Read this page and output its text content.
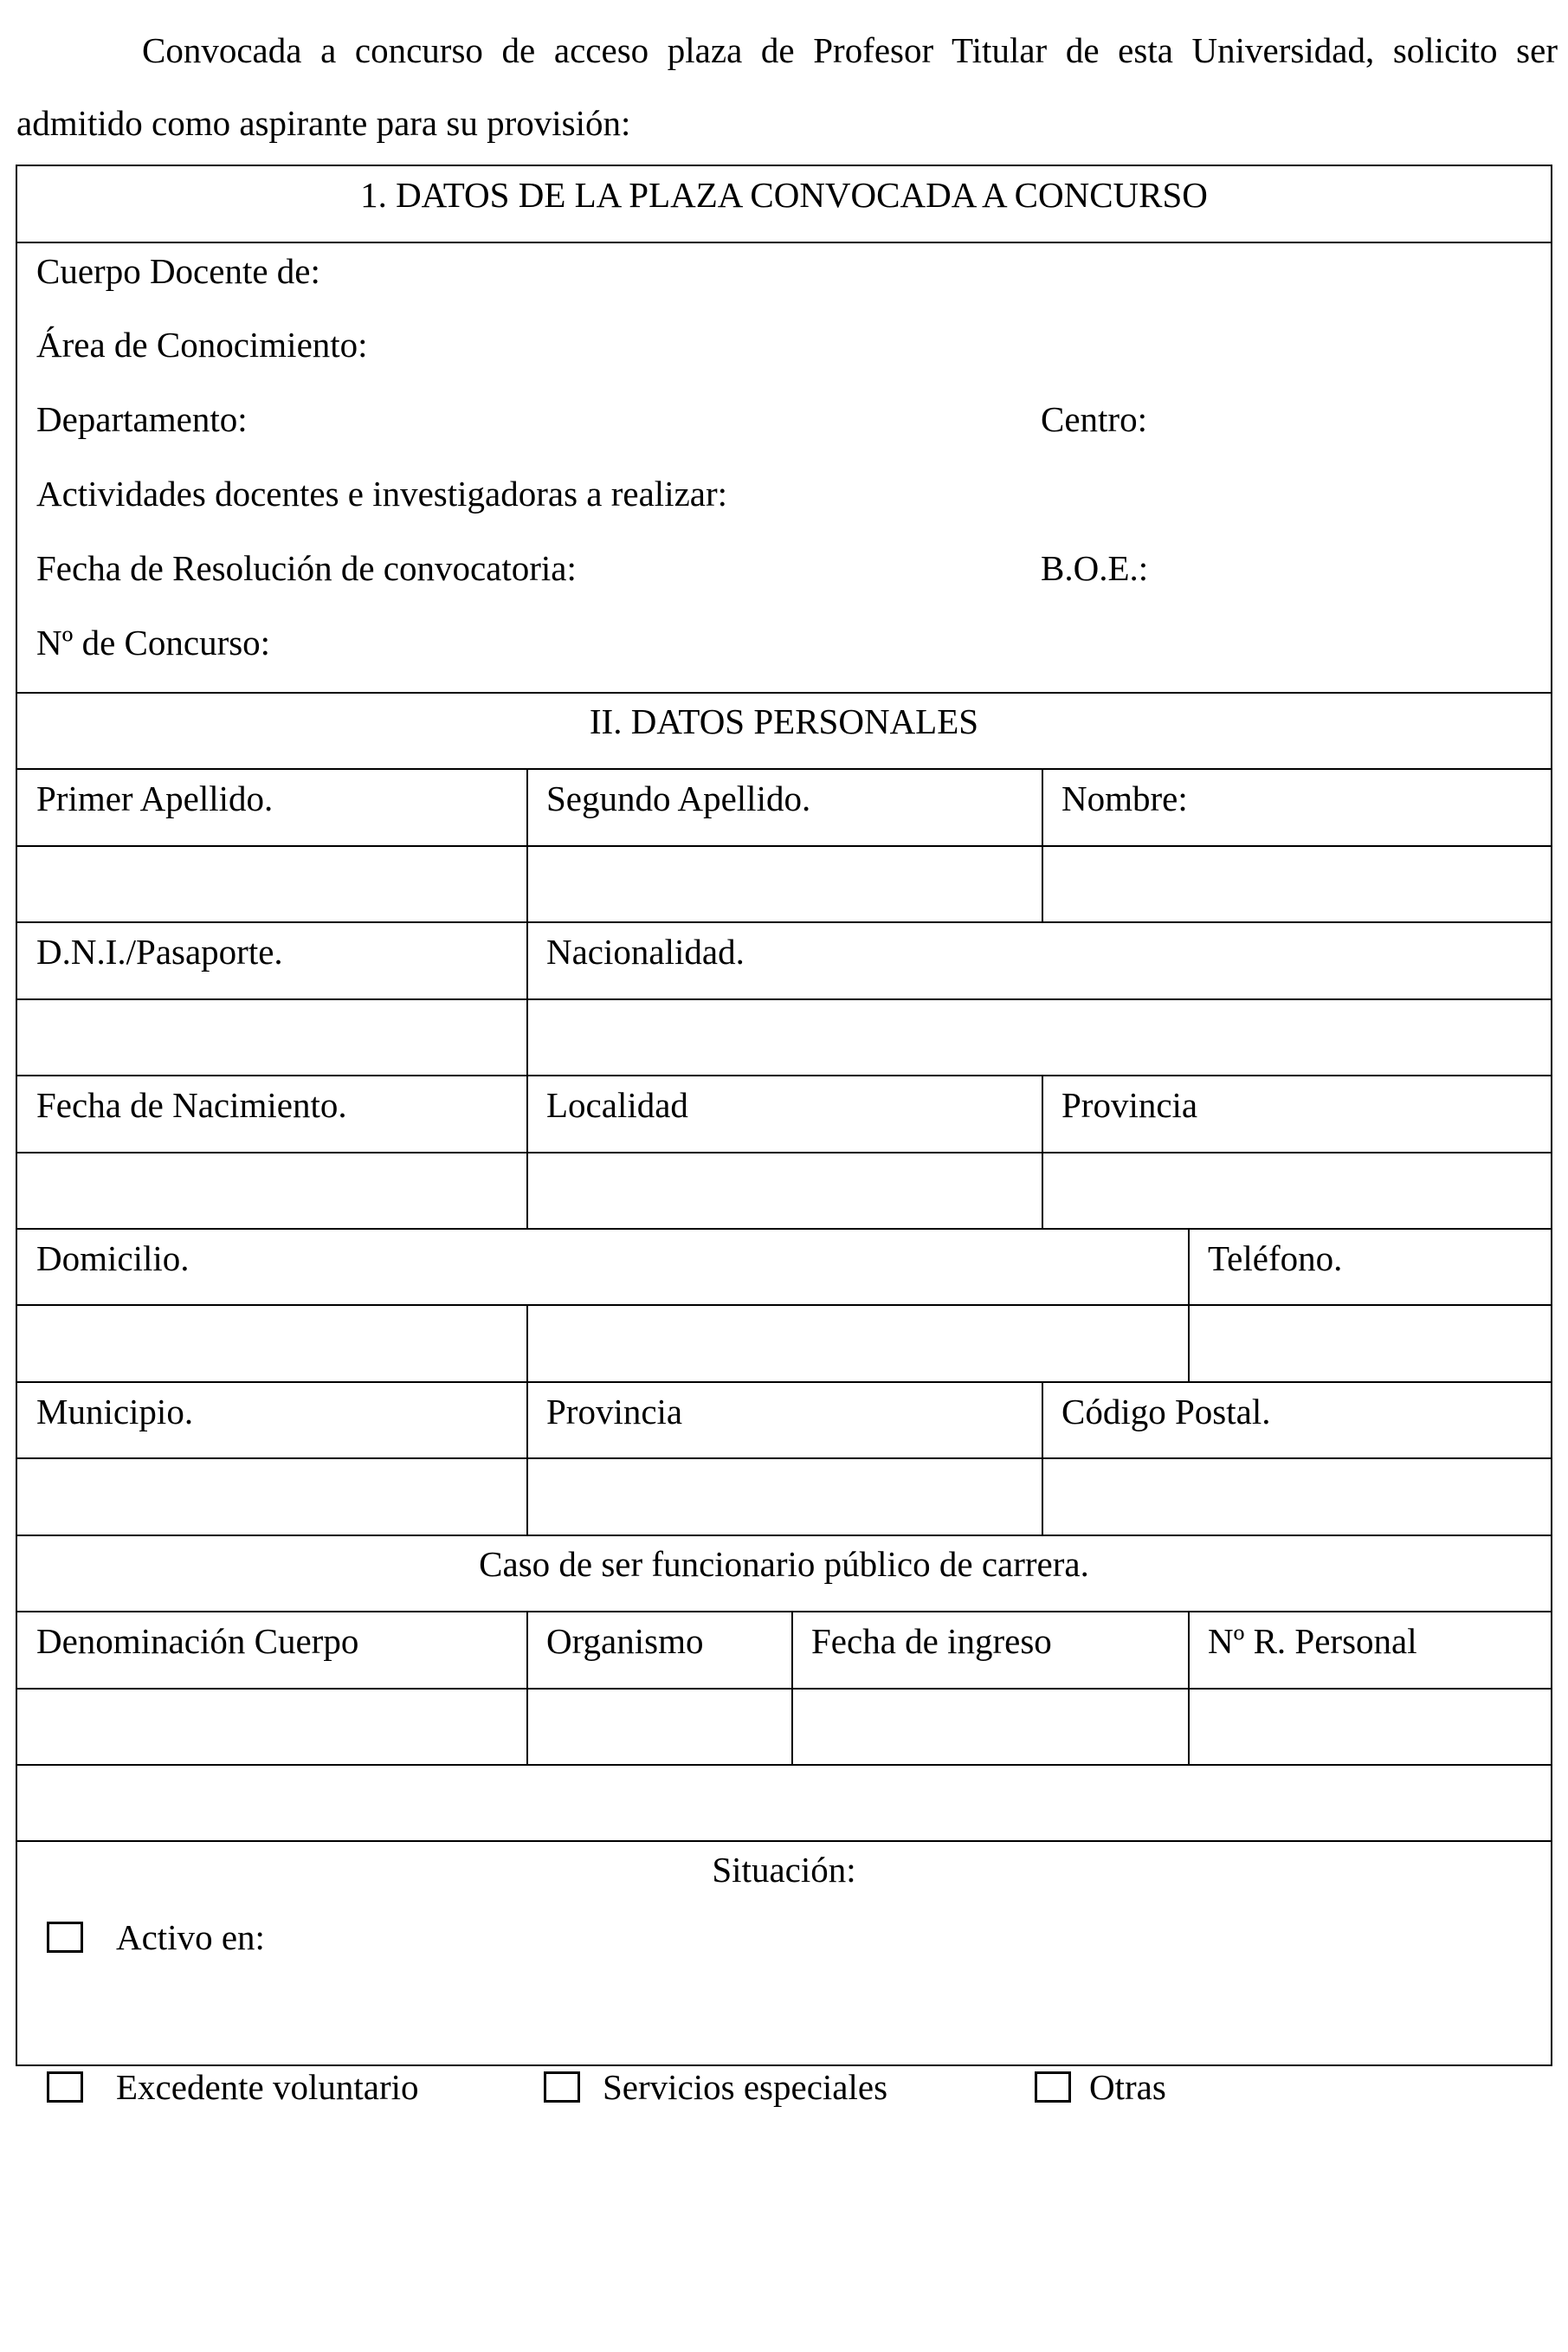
Convocada a concurso de acceso plaza de Profesor Titular de esta Universidad, solicito ser admitido como aspirante para su provisión:

1. DATOS DE LA PLAZA CONVOCADA A CONCURSO
Cuerpo Docente de:
Área de Conocimiento:
Departamento:	Centro:
Actividades docentes e investigadoras a realizar:
Fecha de Resolución de convocatoria:	B.O.E.:
Nº de Concurso:
II. DATOS PERSONALES
Primer Apellido.	Segundo Apellido.	Nombre:
D.N.I./Pasaporte.	Nacionalidad.
Fecha de Nacimiento.	Localidad	Provincia
Domicilio.	Teléfono.
Municipio.	Provincia	Código Postal.
Caso de ser funcionario público de carrera.
Denominación Cuerpo	Organismo	Fecha de ingreso	Nº R. Personal
Situación:
Activo en:
Excedente voluntario	Servicios especiales	Otras
